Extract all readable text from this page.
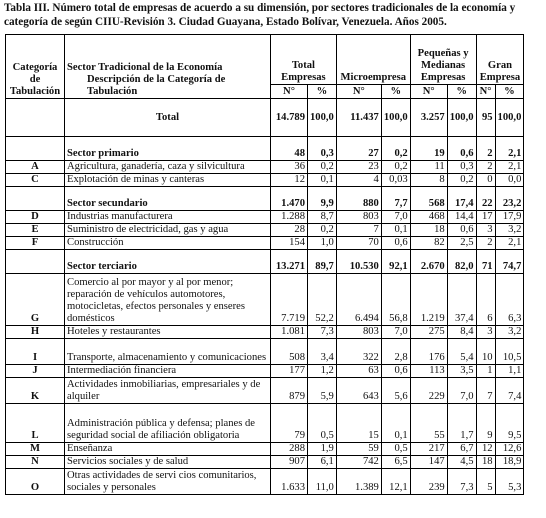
Tabla III. Número total de empresas de acuerdo a su dimensión, por sectores tradicionales de la economía y categoría de según CIIU-Revisión 3. Ciudad Guayana, Estado Bolívar, Venezuela. Años 2005.
Categoría de Tabulación	Sector Tradicional de la Economía
Descripción de la Categoría de Tabulación	Total Empresas		Microempresa		Pequeñas y Medianas Empresas		Gran Empresa	
		N°	%	N°	%	N°	%	N°	%
	Total	14.789	100,0	11.437	100,0	3.257	100,0	95	100,0
	Sector primario	48	0,3	27	0,2	19	0,6	2	2,1
A	Agricultura, ganadería, caza y silvicultura	36	0,2	23	0,2	11	0,3	2	2,1
C	Explotación de minas y canteras	12	0,1	4	0,03	8	0,2	0	0,0
	Sector secundario	1.470	9,9	880	7,7	568	17,4	22	23,2
D	Industrias manufacturera	1.288	8,7	803	7,0	468	14,4	17	17,9
E	Suministro de electricidad, gas y agua	28	0,2	7	0,1	18	0,6	3	3,2
F	Construcción	154	1,0	70	0,6	82	2,5	2	2,1
	Sector terciario	13.271	89,7	10.530	92,1	2.670	82,0	71	74,7
G	Comercio al por mayor y al por menor; reparación de vehículos automotores, motocicletas, efectos personales y enseres domésticos	7.719	52,2	6.494	56,8	1.219	37,4	6	6,3
H	Hoteles y restaurantes	1.081	7,3	803	7,0	275	8,4	3	3,2
I	Transporte, almacenamiento y comunicaciones	508	3,4	322	2,8	176	5,4	10	10,5
J	Intermediación financiera	177	1,2	63	0,6	113	3,5	1	1,1
K	Actividades inmobiliarias, empresariales y de alquiler	879	5,9	643	5,6	229	7,0	7	7,4
L	Administración pública y defensa; planes de seguridad social de afiliación obligatoria	79	0,5	15	0,1	55	1,7	9	9,5
M	Enseñanza	288	1,9	59	0,5	217	6,7	12	12,6
N	Servicios sociales y de salud	907	6,1	742	6,5	147	4,5	18	18,9
O	Otras actividades de servi cios comunitarios, sociales y personales	1.633	11,0	1.389	12,1	239	7,3	5	5,3
